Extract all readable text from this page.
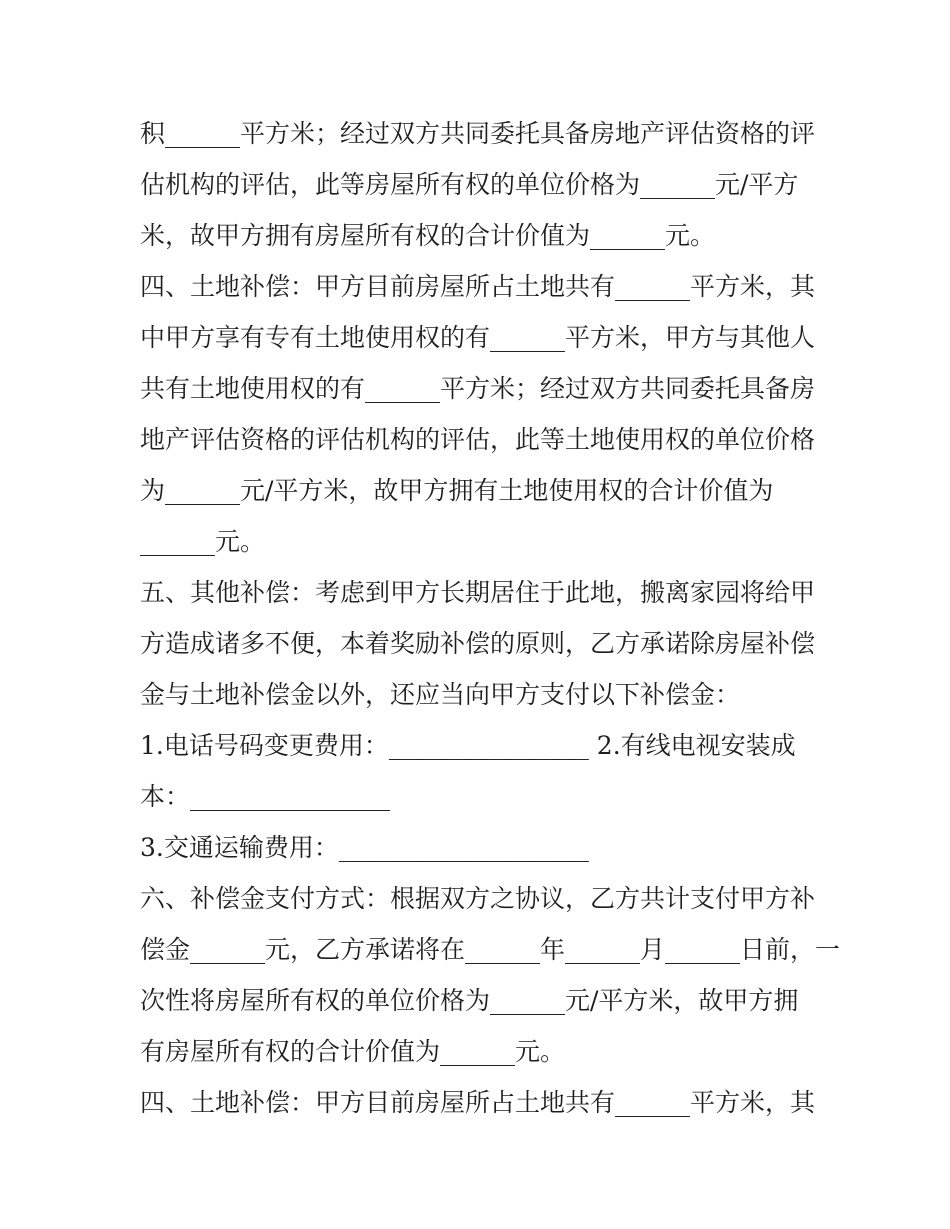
积______平方米；经过双方共同委托具备房地产评估资格的评
估机构的评估，此等房屋所有权的单位价格为______元/平方
米，故甲方拥有房屋所有权的合计价值为______元。
四、土地补偿：甲方目前房屋所占土地共有______平方米，其
中甲方享有专有土地使用权的有______平方米，甲方与其他人
共有土地使用权的有______平方米；经过双方共同委托具备房
地产评估资格的评估机构的评估，此等土地使用权的单位价格
为______元/平方米，故甲方拥有土地使用权的合计价值为
______元。
五、其他补偿：考虑到甲方长期居住于此地，搬离家园将给甲
方造成诸多不便，本着奖励补偿的原则，乙方承诺除房屋补偿
金与土地补偿金以外，还应当向甲方支付以下补偿金：
1.电话号码变更费用：________________ 2.有线电视安装成
本：________________
3.交通运输费用：____________________
六、补偿金支付方式：根据双方之协议，乙方共计支付甲方补
偿金______元，乙方承诺将在______年______月______日前，一
次性将房屋所有权的单位价格为______元/平方米，故甲方拥
有房屋所有权的合计价值为______元。
四、土地补偿：甲方目前房屋所占土地共有______平方米，其
